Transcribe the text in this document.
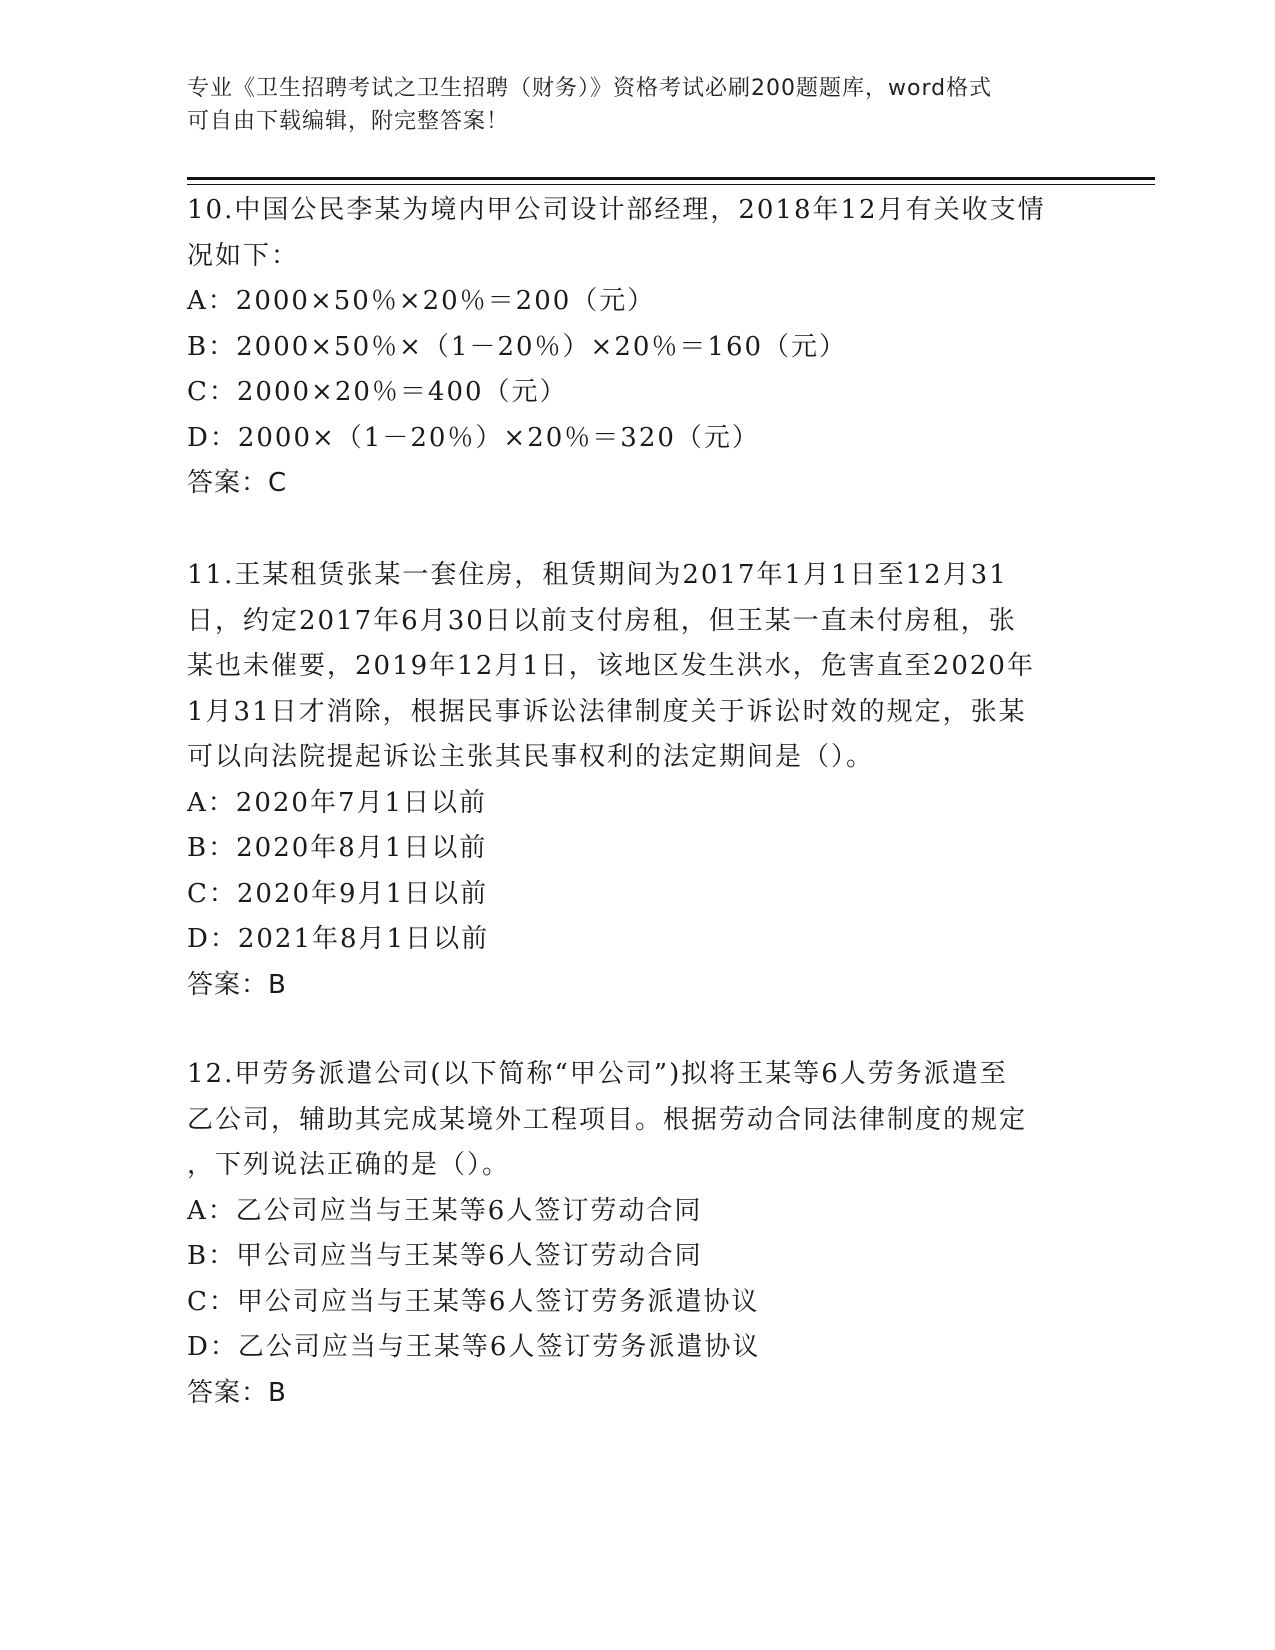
专业《卫生招聘考试之卫生招聘（财务）》资格考试必刷200题题库，word格式
可自由下载编辑，附完整答案！
10.中国公民李某为境内甲公司设计部经理，2018年12月有关收支情
况如下：
A：2000×50％×20％＝200（元）
B：2000×50％×（1－20％）×20％＝160（元）
C：2000×20％＝400（元）
D：2000×（1－20％）×20％＝320（元）
答案：C
11.王某租赁张某一套住房，租赁期间为2017年1月1日至12月31
日，约定2017年6月30日以前支付房租，但王某一直未付房租，张
某也未催要，2019年12月1日，该地区发生洪水，危害直至2020年
1月31日才消除，根据民事诉讼法律制度关于诉讼时效的规定，张某
可以向法院提起诉讼主张其民事权利的法定期间是（）。
A：2020年7月1日以前
B：2020年8月1日以前
C：2020年9月1日以前
D：2021年8月1日以前
答案：B
12.甲劳务派遣公司(以下简称“甲公司”)拟将王某等6人劳务派遣至
乙公司，辅助其完成某境外工程项目。根据劳动合同法律制度的规定
，下列说法正确的是（）。
A：乙公司应当与王某等6人签订劳动合同
B：甲公司应当与王某等6人签订劳动合同
C：甲公司应当与王某等6人签订劳务派遣协议
D：乙公司应当与王某等6人签订劳务派遣协议
答案：B
